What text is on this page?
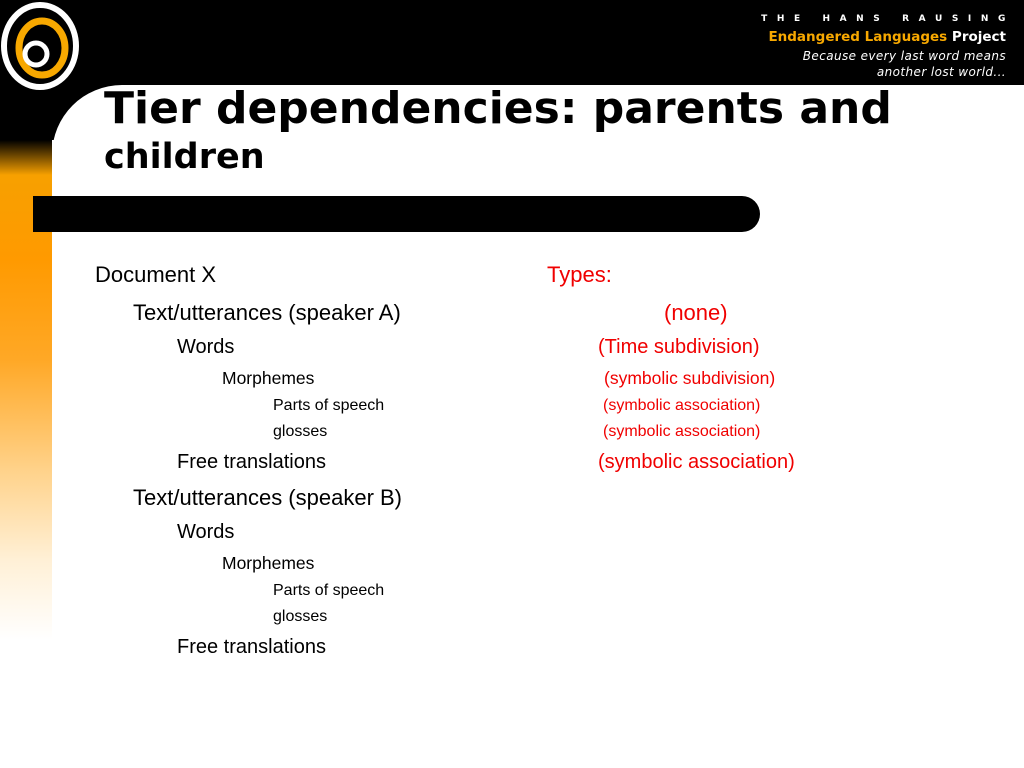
THE HANS RAUSING
Endangered Languages Project
Because every last word means
another lost world...
Tier dependencies: parents and
children
Document X
Text/utterances (speaker A)
Words
Morphemes
Parts of speech
glosses
Free translations
Text/utterances (speaker B)
Words
Morphemes
Parts of speech
glosses
Free translations
Types:
(none)
(Time subdivision)
(symbolic subdivision)
(symbolic association)
(symbolic association)
(symbolic association)
